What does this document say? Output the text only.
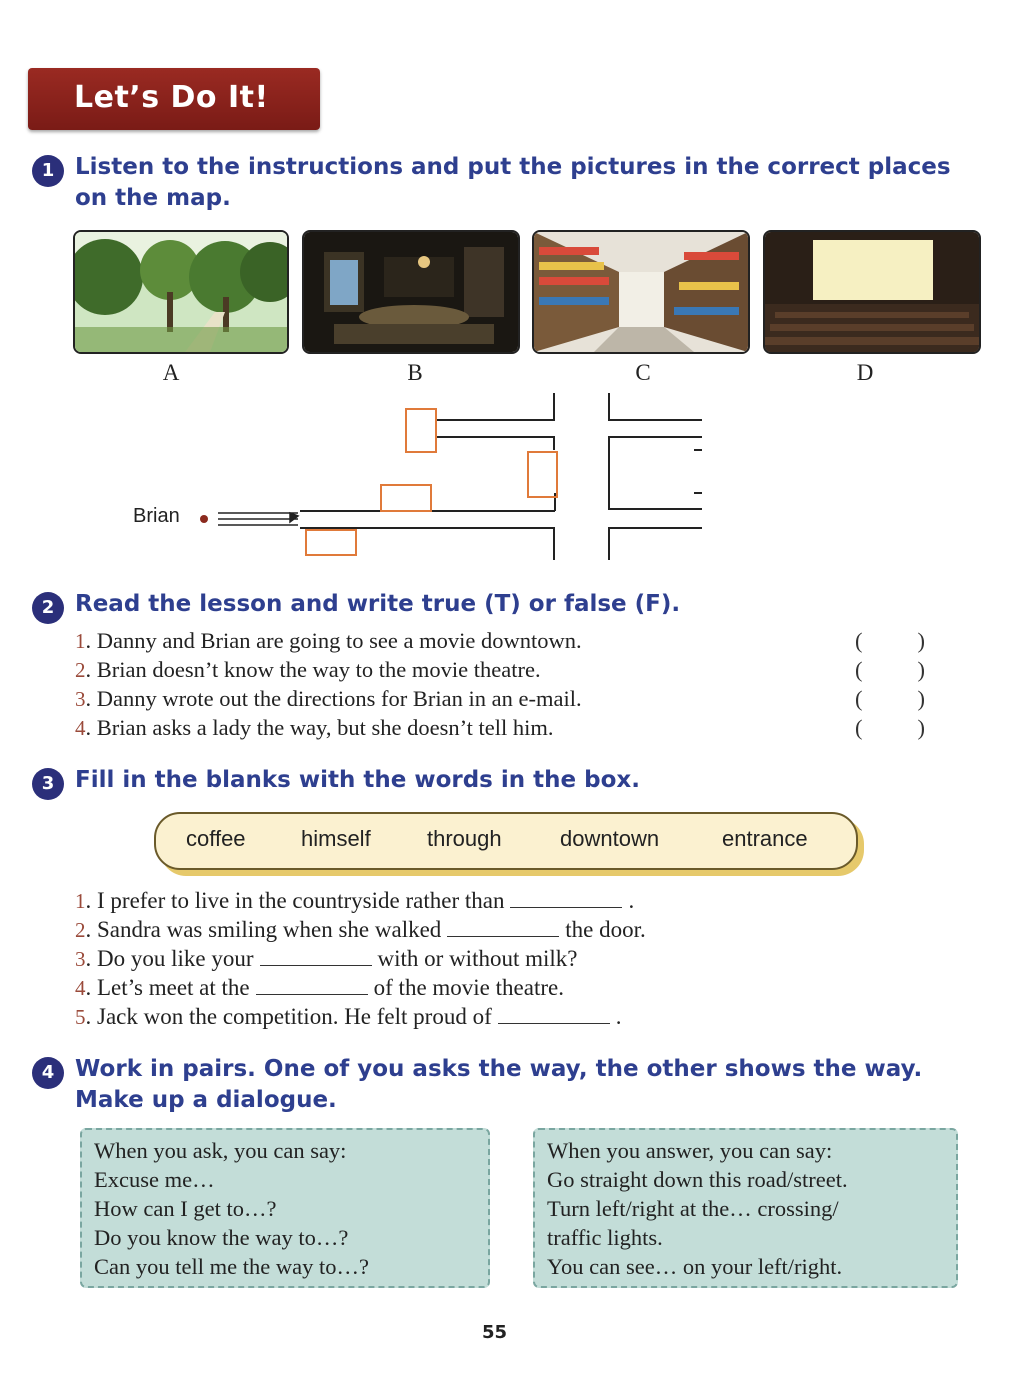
Let’s Do It!
1 Listen to the instructions and put the pictures in the correct places on the map.
A	B	C	D
Brian
2 Read the lesson and write true (T) or false (F).
1. Danny and Brian are going to see a movie downtown.	( )
2. Brian doesn’t know the way to the movie theatre.	( )
3. Danny wrote out the directions for Brian in an e-mail.	( )
4. Brian asks a lady the way, but she doesn’t tell him.	( )
3 Fill in the blanks with the words in the box.
coffee	himself	through	downtown	entrance
1. I prefer to live in the countryside rather than	.
2. Sandra was smiling when she walked	the door.
3. Do you like your	with or without milk?
4. Let’s meet at the	of the movie theatre.
5. Jack won the competition. He felt proud of	.
4 Work in pairs. One of you asks the way, the other shows the way. Make up a dialogue.
When you ask, you can say:
Excuse me…
How can I get to…?
Do you know the way to…?
Can you tell me the way to…?
When you answer, you can say:
Go straight down this road/street.
Turn left/right at the… crossing/
traffic lights.
You can see… on your left/right.
55
